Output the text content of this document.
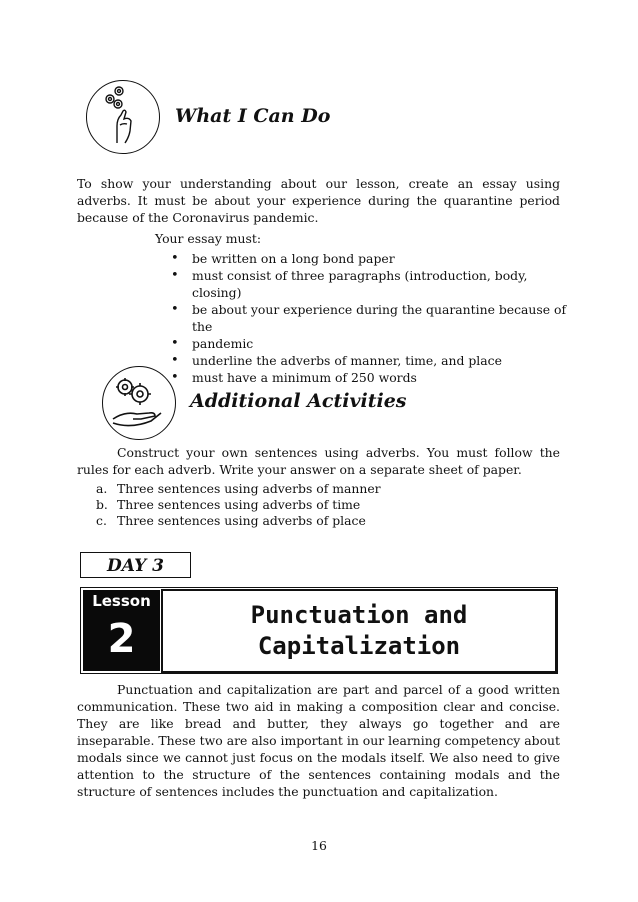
What I Can Do
To show your understanding about our lesson, create an essay using adverbs. It must be about your experience during the quarantine period because of the Coronavirus pandemic.
Your essay must:
• be written on a long bond paper
• must consist of three paragraphs (introduction, body, closing)
• be about your experience during the quarantine because of the
• pandemic
• underline the adverbs of manner, time, and place
• must have a minimum of 250 words
Additional Activities
Construct your own sentences using adverbs. You must follow the rules for each adverb. Write your answer on a separate sheet of paper.
a. Three sentences using adverbs of manner
b. Three sentences using adverbs of time
c. Three sentences using adverbs of place
DAY 3
Lesson
2
Punctuation and
Capitalization
Punctuation and capitalization are part and parcel of a good written communication. These two aid in making a composition clear and concise. They are like bread and butter, they always go together and are inseparable. These two are also important in our learning competency about modals since we cannot just focus on the modals itself. We also need to give attention to the structure of the sentences containing modals and the structure of sentences includes the punctuation and capitalization.
16
